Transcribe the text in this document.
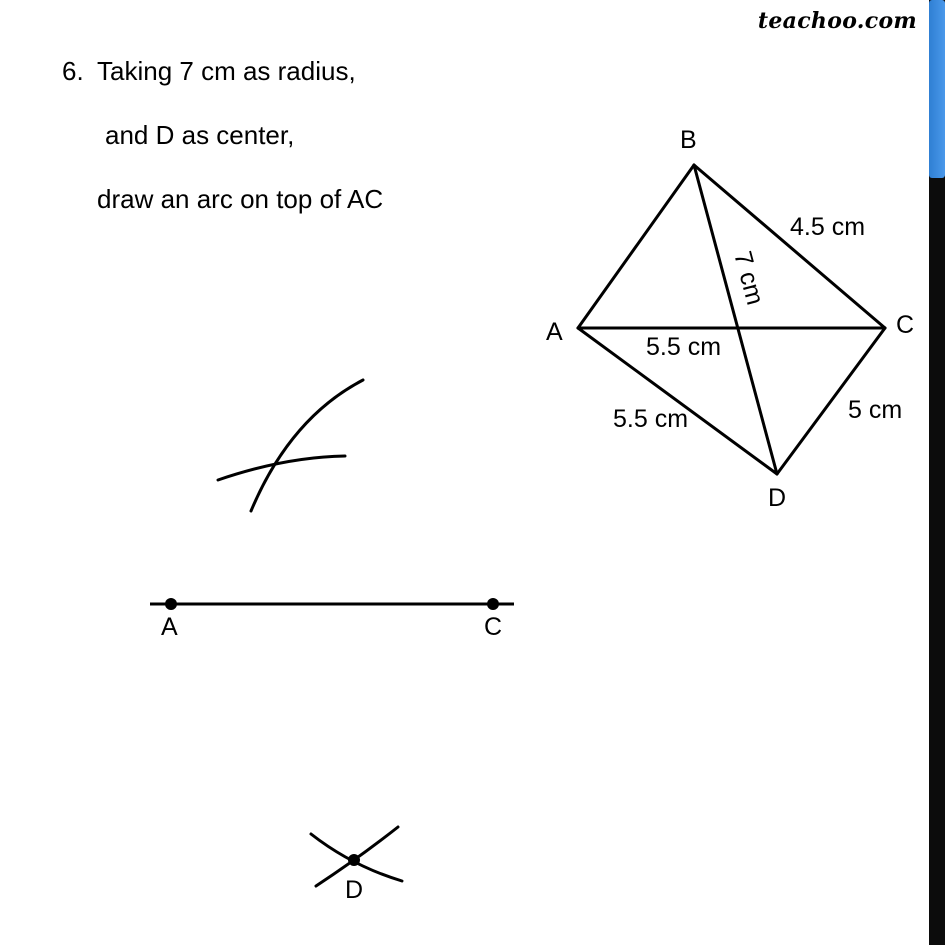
teachoo.com
6. Taking 7 cm as radius,
and D as center,
draw an arc on top of AC
B
A	C
D
4.5 cm
7 cm
5.5 cm
5.5 cm	5 cm
A	C
D
